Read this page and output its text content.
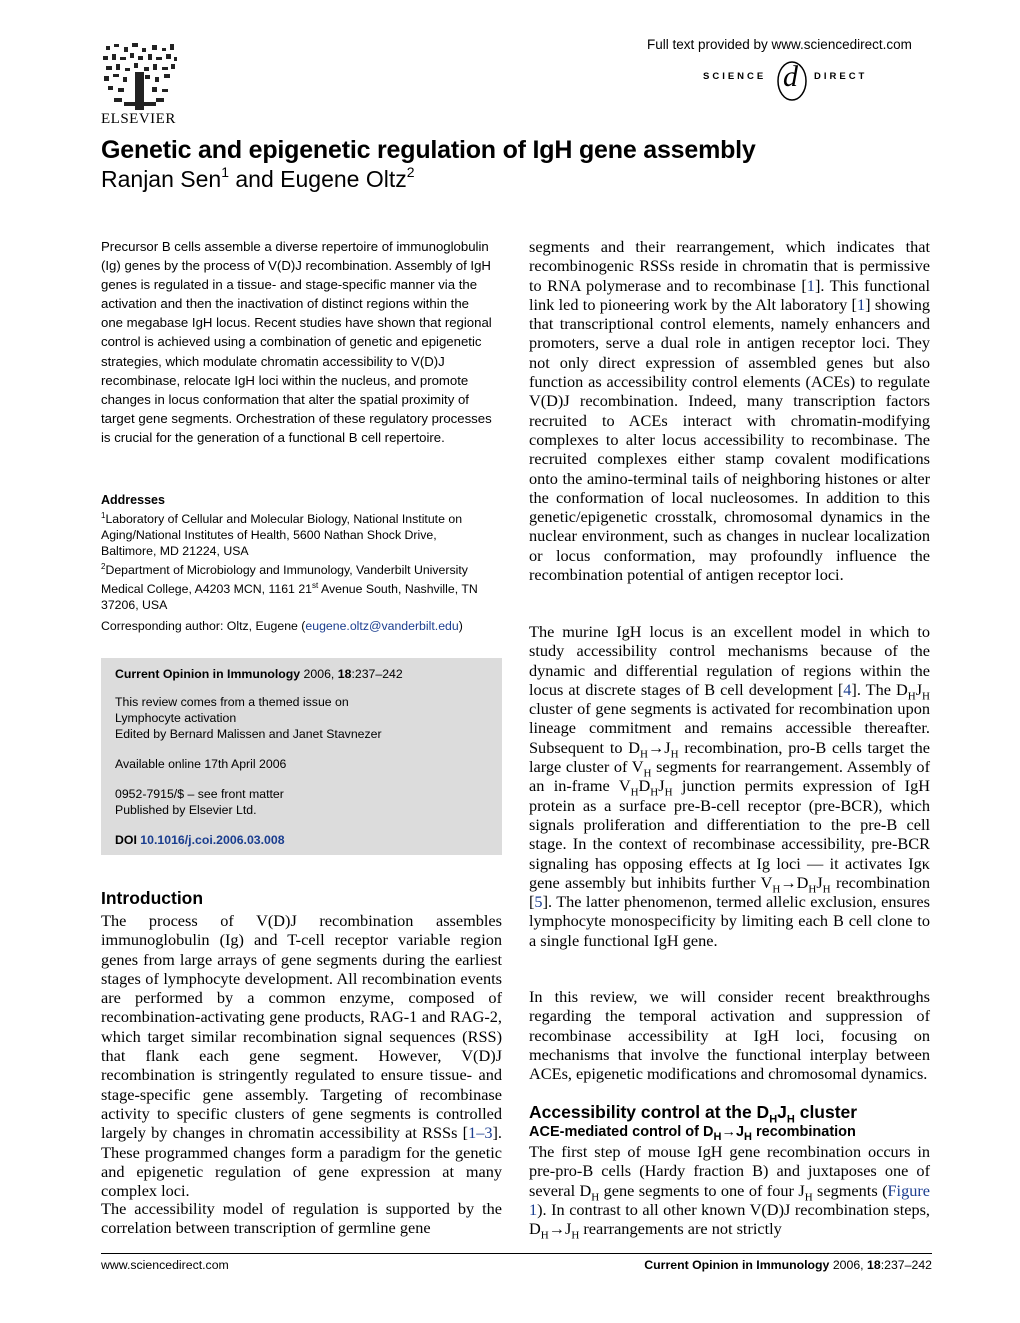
ELSEVIER
Full text provided by www.sciencedirect.com
SCIENCE d DIRECT
Genetic and epigenetic regulation of IgH gene assembly
Ranjan Sen$^1$ and Eugene Oltz$^2$
Precursor B cells assemble a diverse repertoire of immunoglobulin (Ig) genes by the process of V(D)J recombination. Assembly of IgH genes is regulated in a tissue- and stage-specific manner via the activation and then the inactivation of distinct regions within the one megabase IgH locus. Recent studies have shown that regional control is achieved using a combination of genetic and epigenetic strategies, which modulate chromatin accessibility to V(D)J recombinase, relocate IgH loci within the nucleus, and promote changes in locus conformation that alter the spatial proximity of target gene segments. Orchestration of these regulatory processes is crucial for the generation of a functional B cell repertoire.
Addresses
$^1$Laboratory of Cellular and Molecular Biology, National Institute on Aging/National Institutes of Health, 5600 Nathan Shock Drive, Baltimore, MD 21224, USA
$^2$Department of Microbiology and Immunology, Vanderbilt University Medical College, A4203 MCN, 1161 21st Avenue South, Nashville, TN 37206, USA
Corresponding author: Oltz, Eugene (eugene.oltz@vanderbilt.edu)
Current Opinion in Immunology 2006, 18:237–242
This review comes from a themed issue on
Lymphocyte activation
Edited by Bernard Malissen and Janet Stavnezer
Available online 17th April 2006
0952-7915/$ – see front matter
Published by Elsevier Ltd.
DOI 10.1016/j.coi.2006.03.008
Introduction
The process of V(D)J recombination assembles immunoglobulin (Ig) and T-cell receptor variable region genes from large arrays of gene segments during the earliest stages of lymphocyte development. All recombination events are performed by a common enzyme, composed of recombination-activating gene products, RAG-1 and RAG-2, which target similar recombination signal sequences (RSS) that flank each gene segment. However, V(D)J recombination is stringently regulated to ensure tissue- and stage-specific gene assembly. Targeting of recombinase activity to specific clusters of gene segments is controlled largely by changes in chromatin accessibility at RSSs [1–3]. These programmed changes form a paradigm for the genetic and epigenetic regulation of gene expression at many complex loci.
The accessibility model of regulation is supported by the correlation between transcription of germline gene
segments and their rearrangement, which indicates that recombinogenic RSSs reside in chromatin that is permissive to RNA polymerase and to recombinase [1]. This functional link led to pioneering work by the Alt laboratory [1] showing that transcriptional control elements, namely enhancers and promoters, serve a dual role in antigen receptor loci. They not only direct expression of assembled genes but also function as accessibility control elements (ACEs) to regulate V(D)J recombination. Indeed, many transcription factors recruited to ACEs interact with chromatin-modifying complexes to alter locus accessibility to recombinase. The recruited complexes either stamp covalent modifications onto the amino-terminal tails of neighboring histones or alter the conformation of local nucleosomes. In addition to this genetic/epigenetic crosstalk, chromosomal dynamics in the nuclear environment, such as changes in nuclear localization or locus conformation, may profoundly influence the recombination potential of antigen receptor loci.
The murine IgH locus is an excellent model in which to study accessibility control mechanisms because of the dynamic and differential regulation of regions within the locus at discrete stages of B cell development [4]. The $D_HJ_H$ cluster of gene segments is activated for recombination upon lineage commitment and remains accessible thereafter. Subsequent to $D_H\to J_H$ recombination, pro-B cells target the large cluster of $V_H$ segments for rearrangement. Assembly of an in-frame $V_HD_HJ_H$ junction permits expression of IgH protein as a surface pre-B-cell receptor (pre-BCR), which signals proliferation and differentiation to the pre-B cell stage. In the context of recombinase accessibility, pre-BCR signaling has opposing effects at Ig loci — it activates Igκ gene assembly but inhibits further $V_H\to D_HJ_H$ recombination [5]. The latter phenomenon, termed allelic exclusion, ensures lymphocyte monospecificity by limiting each B cell clone to a single functional IgH gene.
In this review, we will consider recent breakthroughs regarding the temporal activation and suppression of recombinase accessibility at IgH loci, focusing on mechanisms that involve the functional interplay between ACEs, epigenetic modifications and chromosomal dynamics.
Accessibility control at the $D_HJ_H$ cluster
ACE-mediated control of $D_H\to J_H$ recombination
The first step of mouse IgH gene recombination occurs in pre-pro-B cells (Hardy fraction B) and juxtaposes one of several $D_H$ gene segments to one of four $J_H$ segments (Figure 1). In contrast to all other known V(D)J recombination steps, $D_H\to J_H$ rearrangements are not strictly
www.sciencedirect.com	Current Opinion in Immunology 2006, 18:237–242
